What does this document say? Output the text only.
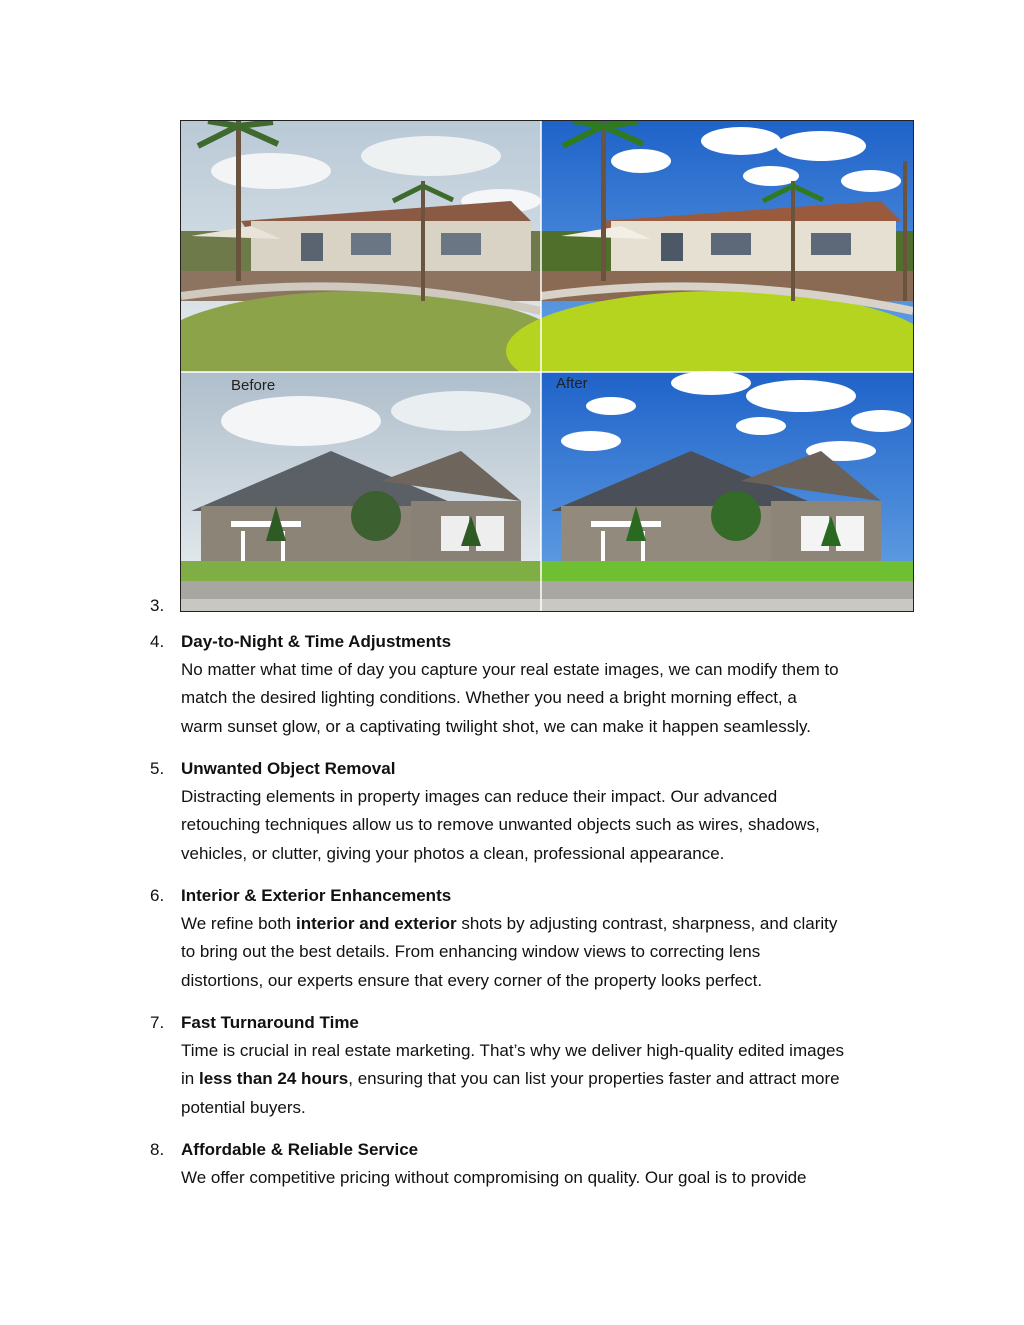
Before	After
3.
4. Day-to-Night & Time Adjustments
No matter what time of day you capture your real estate images, we can modify them to
match the desired lighting conditions. Whether you need a bright morning effect, a
warm sunset glow, or a captivating twilight shot, we can make it happen seamlessly.
5. Unwanted Object Removal
Distracting elements in property images can reduce their impact. Our advanced
retouching techniques allow us to remove unwanted objects such as wires, shadows,
vehicles, or clutter, giving your photos a clean, professional appearance.
6. Interior & Exterior Enhancements
We refine both interior and exterior shots by adjusting contrast, sharpness, and clarity
to bring out the best details. From enhancing window views to correcting lens
distortions, our experts ensure that every corner of the property looks perfect.
7. Fast Turnaround Time
Time is crucial in real estate marketing. That’s why we deliver high-quality edited images
in less than 24 hours, ensuring that you can list your properties faster and attract more
potential buyers.
8. Affordable & Reliable Service
We offer competitive pricing without compromising on quality. Our goal is to provide
